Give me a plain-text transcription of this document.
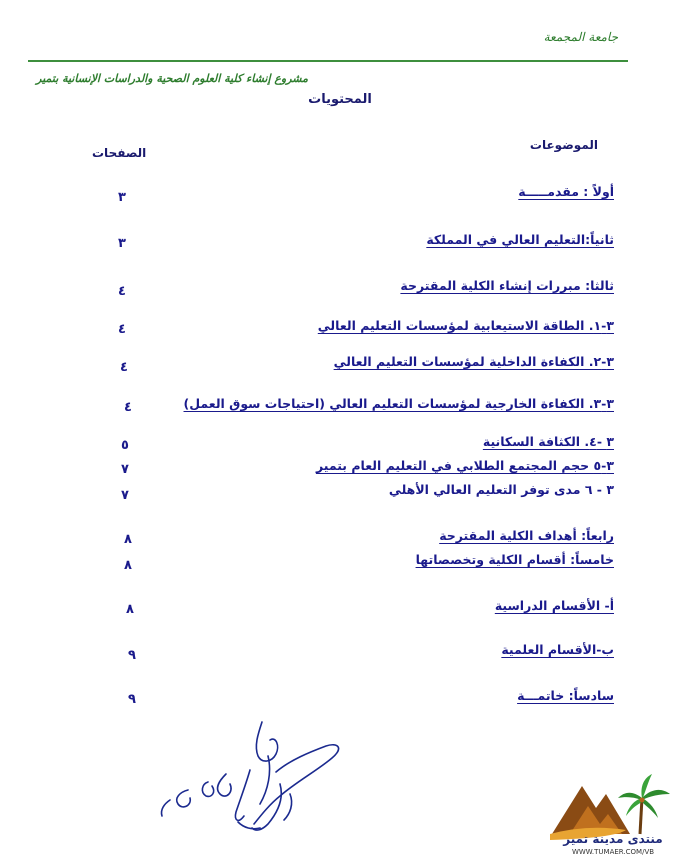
جامعة المجمعة
مشروع إنشاء كلية العلوم الصحية والدراسات الإنسانية بتمير
المحتويات
الموضوعات
الصفحات
أولاً : مقدمـــــة
٣
ثانياً:التعليم العالي في المملكة
٣
ثالثا: مبررات إنشاء الكلية المقترحة
٤
٣-١. الطاقة الاستيعابية لمؤسسات التعليم العالي
٤
٣-٢. الكفاءة الداخلية لمؤسسات التعليم العالي
٤
٣-٣. الكفاءة الخارجية لمؤسسات التعليم العالي (احتياجات سوق العمل)
٤
٣ -٤. الكثافة السكانية
٥
٣-٥ حجم المجتمع الطلابي في التعليم العام بتمير
٧
٣ - ٦ مدى توفر التعليم العالي الأهلي
٧
رابعاً: أهداف الكلية المقترحة
٨
خامساً: أقسام الكلية وتخصصاتها
٨
أ- الأقسام الدراسية
٨
ب-الأقسام العلمية
٩
سادساً: خاتمـــة
٩
منتدى مدينة تمير
WWW.TUMAER.COM/VB
